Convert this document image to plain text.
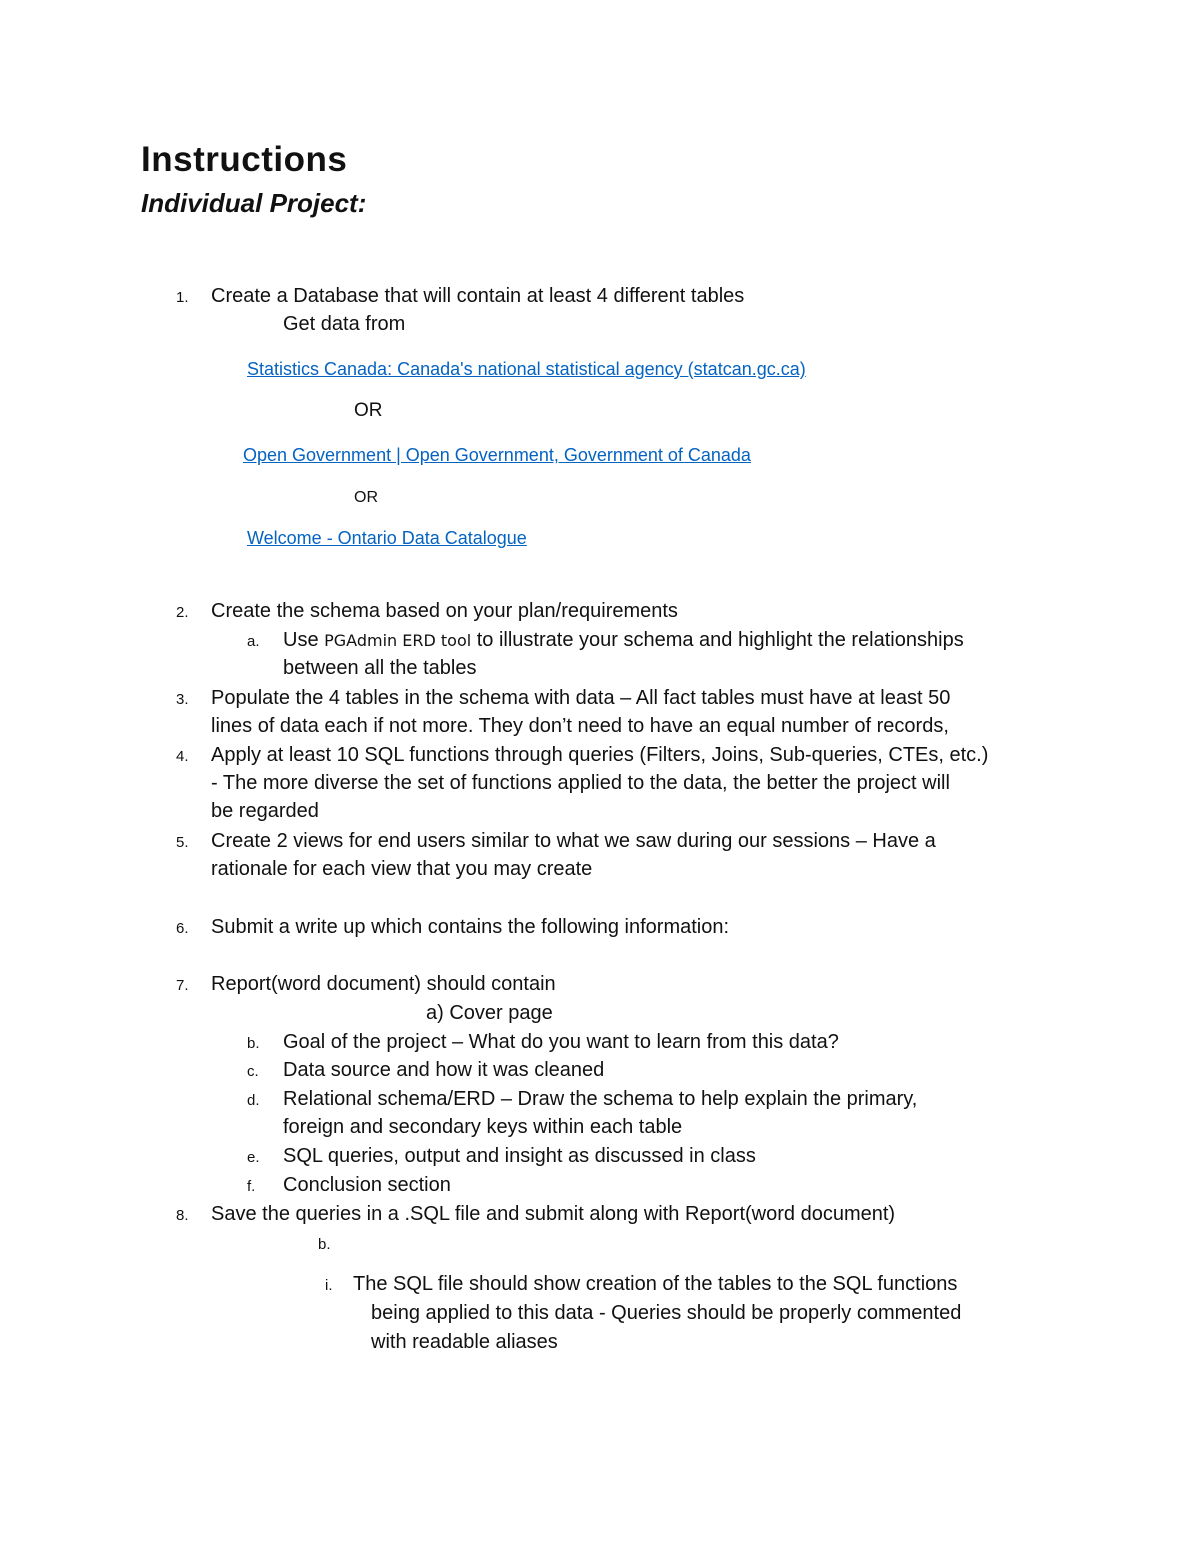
Instructions
Individual Project:
1. Create a Database that will contain at least 4 different tables
Get data from
Statistics Canada: Canada's national statistical agency (statcan.gc.ca)
OR
Open Government | Open Government, Government of Canada
OR
Welcome - Ontario Data Catalogue
2. Create the schema based on your plan/requirements
a. Use PGAdmin ERD tool to illustrate your schema and highlight the relationships
between all the tables
3. Populate the 4 tables in the schema with data – All fact tables must have at least 50
lines of data each if not more. They don’t need to have an equal number of records,
4. Apply at least 10 SQL functions through queries (Filters, Joins, Sub-queries, CTEs, etc.)
- The more diverse the set of functions applied to the data, the better the project will
be regarded
5. Create 2 views for end users similar to what we saw during our sessions – Have a
rationale for each view that you may create
6. Submit a write up which contains the following information:
7. Report(word document) should contain
a) Cover page
b. Goal of the project – What do you want to learn from this data?
c. Data source and how it was cleaned
d. Relational schema/ERD – Draw the schema to help explain the primary,
foreign and secondary keys within each table
e. SQL queries, output and insight as discussed in class
f. Conclusion section
8. Save the queries in a .SQL file and submit along with Report(word document)
b.
i. The SQL file should show creation of the tables to the SQL functions
being applied to this data - Queries should be properly commented
with readable aliases
